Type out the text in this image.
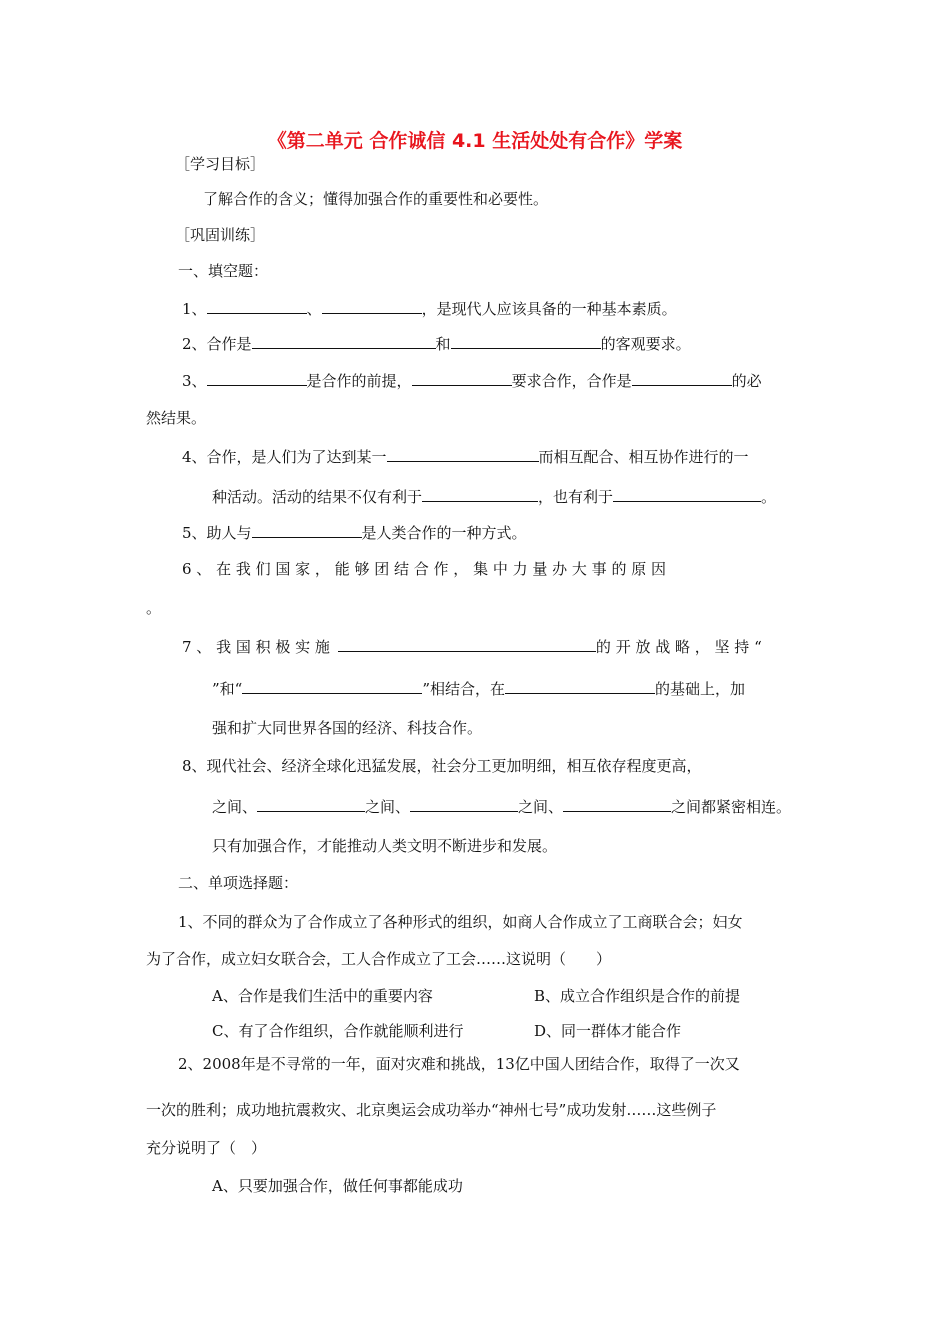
《第二单元 合作诚信 4.1 生活处处有合作》学案
［学习目标］
了解合作的含义；懂得加强合作的重要性和必要性。
［巩固训练］
一、填空题：
1、	、	，是现代人应该具备的一种基本素质。
2、合作是	和	的客观要求。
3、	是合作的前提，	要求合作，合作是	的必
然结果。
4、合作，是人们为了达到某一	而相互配合、相互协作进行的一
种活动。活动的结果不仅有利于	，也有利于	。
5、助人与	是人类合作的一种方式。
6 、 在 我 们 国 家 ， 能 够 团 结 合 作 ， 集 中 力 量 办 大 事 的 原 因
。
7 、 我 国 积 极 实 施	的 开 放 战 略 ， 坚 持 “
”和“	”相结合，在	的基础上，加
强和扩大同世界各国的经济、科技合作。
8、现代社会、经济全球化迅猛发展，社会分工更加明细，相互依存程度更高，
之间、	之间、	之间、	之间都紧密相连。
只有加强合作，才能推动人类文明不断进步和发展。
二、单项选择题：
1、不同的群众为了合作成立了各种形式的组织，如商人合作成立了工商联合会；妇女
为了合作，成立妇女联合会，工人合作成立了工会……这说明（　　）
A、合作是我们生活中的重要内容	B、成立合作组织是合作的前提
C、有了合作组织，合作就能顺利进行	D、同一群体才能合作
2、2008年是不寻常的一年，面对灾难和挑战，13亿中国人团结合作，取得了一次又
一次的胜利；成功地抗震救灾、北京奥运会成功举办“神州七号”成功发射……这些例子
充分说明了（　）
A、只要加强合作，做任何事都能成功
